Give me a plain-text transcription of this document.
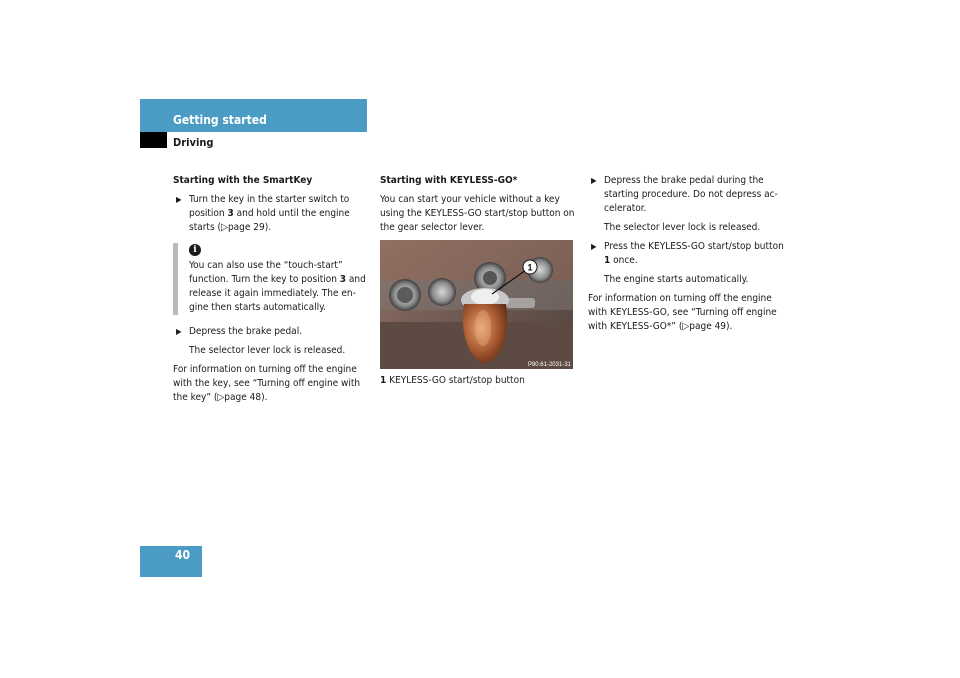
Getting started
Driving
Starting with the SmartKey
▶ Turn the key in the starter switch to position 3 and hold until the engine starts (▷page 29).
i
You can also use the “touch-start” function. Turn the key to position 3 and release it again immediately. The en-gine then starts automatically.
▶ Depress the brake pedal.
The selector lever lock is released.
For information on turning off the engine with the key, see “Turning off engine with the key” (▷page 48).
Starting with KEYLESS-GO*
You can start your vehicle without a key using the KEYLESS-GO start/stop button on the gear selector lever.
1
P80.61-2031-31
1 KEYLESS-GO start/stop button
▶ Depress the brake pedal during the starting procedure. Do not depress ac-celerator.
The selector lever lock is released.
▶ Press the KEYLESS-GO start/stop button 1 once.
The engine starts automatically.
For information on turning off the engine with KEYLESS-GO, see “Turning off engine with KEYLESS-GO*” (▷page 49).
40
